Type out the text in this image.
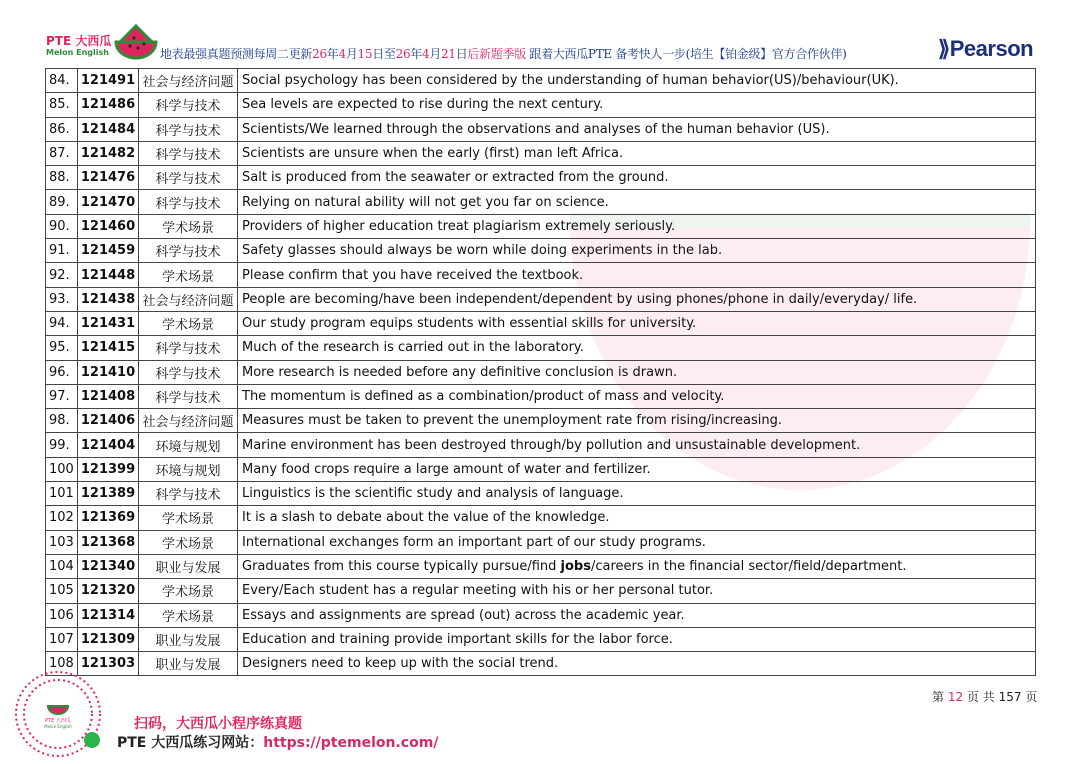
PTE 大西瓜
Melon English	地表最强真题预测每周二更新26年4月15日至26年4月21日后新题季版 跟着大西瓜PTE 备考快人一步(培生【铂金级】官方合作伙伴)	⟫Pearson
84.	121491	社会与经济问题	Social psychology has been considered by the understanding of human behavior(US)/behaviour(UK).
85.	121486	科学与技术	Sea levels are expected to rise during the next century.
86.	121484	科学与技术	Scientists/We learned through the observations and analyses of the human behavior (US).
87.	121482	科学与技术	Scientists are unsure when the early (first) man left Africa.
88.	121476	科学与技术	Salt is produced from the seawater or extracted from the ground.
89.	121470	科学与技术	Relying on natural ability will not get you far on science.
90.	121460	学术场景	Providers of higher education treat plagiarism extremely seriously.
91.	121459	科学与技术	Safety glasses should always be worn while doing experiments in the lab.
92.	121448	学术场景	Please confirm that you have received the textbook.
93.	121438	社会与经济问题	People are becoming/have been independent/dependent by using phones/phone in daily/everyday/ life.
94.	121431	学术场景	Our study program equips students with essential skills for university.
95.	121415	科学与技术	Much of the research is carried out in the laboratory.
96.	121410	科学与技术	More research is needed before any definitive conclusion is drawn.
97.	121408	科学与技术	The momentum is defined as a combination/product of mass and velocity.
98.	121406	社会与经济问题	Measures must be taken to prevent the unemployment rate from rising/increasing.
99.	121404	环境与规划	Marine environment has been destroyed through/by pollution and unsustainable development.
100	121399	环境与规划	Many food crops require a large amount of water and fertilizer.
101	121389	科学与技术	Linguistics is the scientific study and analysis of language.
102	121369	学术场景	It is a slash to debate about the value of the knowledge.
103	121368	学术场景	International exchanges form an important part of our study programs.
104	121340	职业与发展	Graduates from this course typically pursue/find jobs/careers in the financial sector/field/department.
105	121320	学术场景	Every/Each student has a regular meeting with his or her personal tutor.
106	121314	学术场景	Essays and assignments are spread (out) across the academic year.
107	121309	职业与发展	Education and training provide important skills for the labor force.
108	121303	职业与发展	Designers need to keep up with the social trend.
第 12 页 共 157 页
PTE 大西瓜
Melon English	扫码，大西瓜小程序练真题
PTE 大西瓜练习网站：https://ptemelon.com/
